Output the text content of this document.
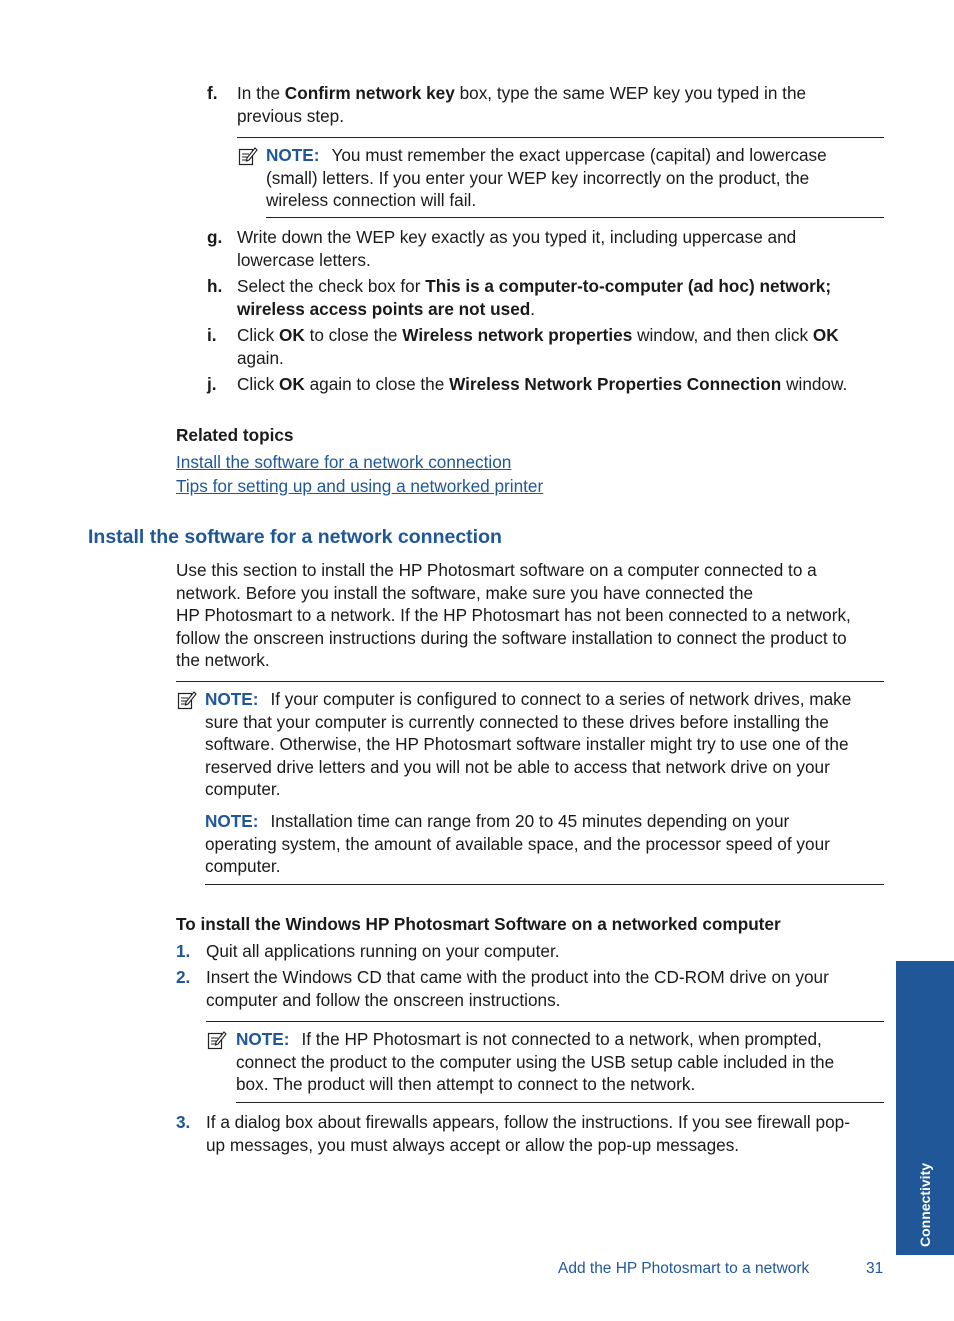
f. In the Confirm network key box, type the same WEP key you typed in the
previous step.
NOTE: You must remember the exact uppercase (capital) and lowercase
(small) letters. If you enter your WEP key incorrectly on the product, the
wireless connection will fail.
g. Write down the WEP key exactly as you typed it, including uppercase and
lowercase letters.
h. Select the check box for This is a computer-to-computer (ad hoc) network;
wireless access points are not used.
i. Click OK to close the Wireless network properties window, and then click OK
again.
j. Click OK again to close the Wireless Network Properties Connection window.
Related topics
Install the software for a network connection
Tips for setting up and using a networked printer
Install the software for a network connection
Use this section to install the HP Photosmart software on a computer connected to a
network. Before you install the software, make sure you have connected the
HP Photosmart to a network. If the HP Photosmart has not been connected to a network,
follow the onscreen instructions during the software installation to connect the product to
the network.
NOTE: If your computer is configured to connect to a series of network drives, make
sure that your computer is currently connected to these drives before installing the
software. Otherwise, the HP Photosmart software installer might try to use one of the
reserved drive letters and you will not be able to access that network drive on your
computer.
NOTE: Installation time can range from 20 to 45 minutes depending on your
operating system, the amount of available space, and the processor speed of your
computer.
To install the Windows HP Photosmart Software on a networked computer
1. Quit all applications running on your computer.
2. Insert the Windows CD that came with the product into the CD-ROM drive on your
computer and follow the onscreen instructions.
NOTE: If the HP Photosmart is not connected to a network, when prompted,
connect the product to the computer using the USB setup cable included in the
box. The product will then attempt to connect to the network.
3. If a dialog box about firewalls appears, follow the instructions. If you see firewall pop-
up messages, you must always accept or allow the pop-up messages.
Connectivity
Add the HP Photosmart to a network	31
